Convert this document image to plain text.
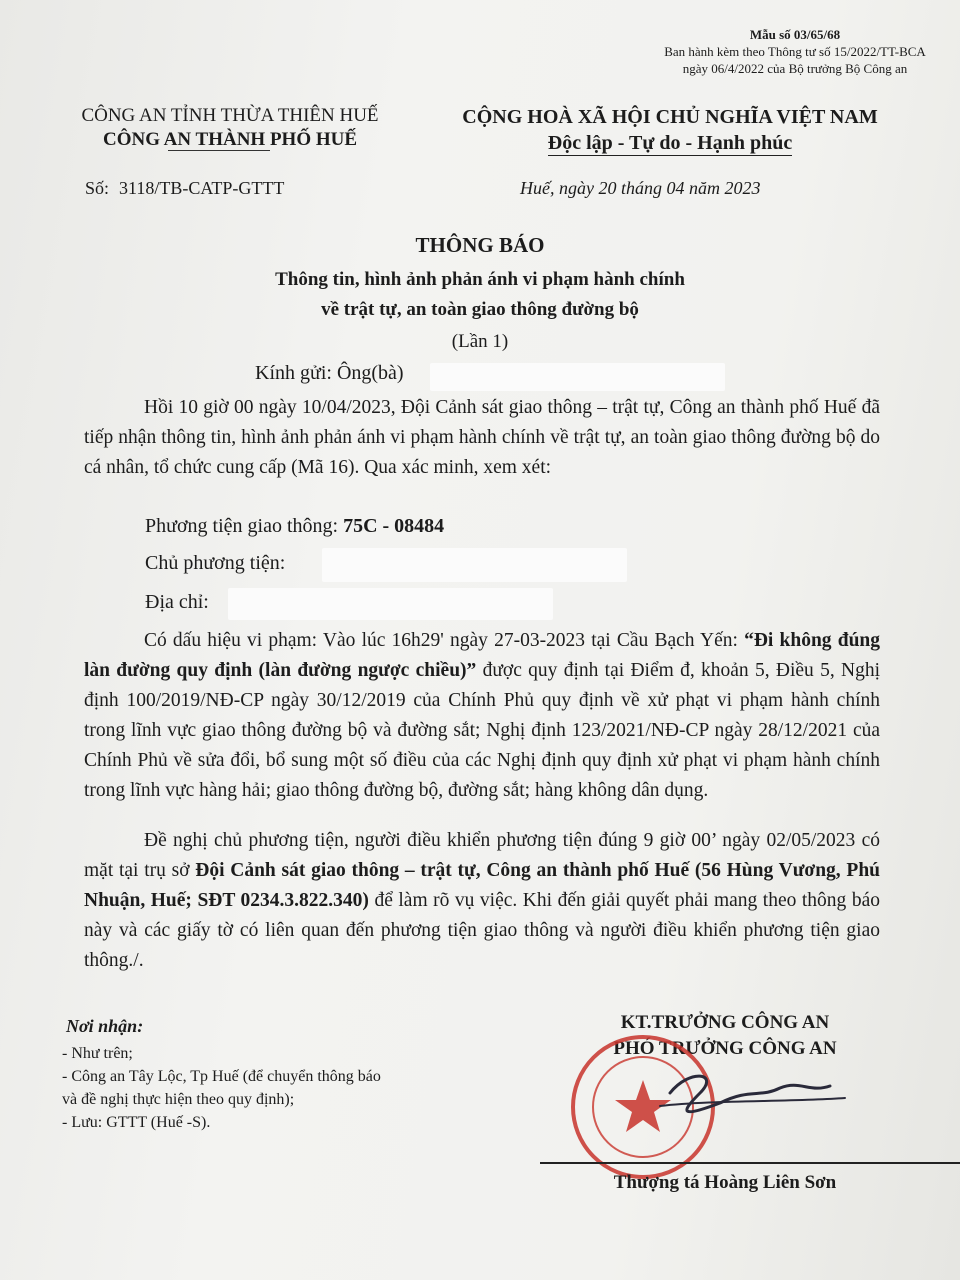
Mẫu số 03/65/68
Ban hành kèm theo Thông tư số 15/2022/TT-BCA
ngày 06/4/2022 của Bộ trưởng Bộ Công an
CÔNG AN TỈNH THỪA THIÊN HUẾ
CÔNG AN THÀNH PHỐ HUẾ
CỘNG HOÀ XÃ HỘI CHỦ NGHĨA VIỆT NAM
Độc lập - Tự do - Hạnh phúc
Số: 3118/TB-CATP-GTTT	Huế, ngày 20 tháng 04 năm 2023
THÔNG BÁO
Thông tin, hình ảnh phản ánh vi phạm hành chính
về trật tự, an toàn giao thông đường bộ
(Lần 1)
Kính gửi: Ông(bà)

Hồi 10 giờ 00 ngày 10/04/2023, Đội Cảnh sát giao thông – trật tự, Công an thành phố Huế đã tiếp nhận thông tin, hình ảnh phản ánh vi phạm hành chính về trật tự, an toàn giao thông đường bộ do cá nhân, tổ chức cung cấp (Mã 16). Qua xác minh, xem xét:

Phương tiện giao thông: 75C - 08484
Chủ phương tiện:
Địa chỉ:

Có dấu hiệu vi phạm: Vào lúc 16h29' ngày 27-03-2023 tại Cầu Bạch Yến: “Đi không đúng làn đường quy định (làn đường ngược chiều)” được quy định tại Điểm đ, khoản 5, Điều 5, Nghị định 100/2019/NĐ-CP ngày 30/12/2019 của Chính Phủ quy định về xử phạt vi phạm hành chính trong lĩnh vực giao thông đường bộ và đường sắt; Nghị định 123/2021/NĐ-CP ngày 28/12/2021 của Chính Phủ về sửa đổi, bổ sung một số điều của các Nghị định quy định xử phạt vi phạm hành chính trong lĩnh vực hàng hải; giao thông đường bộ, đường sắt; hàng không dân dụng.

Đề nghị chủ phương tiện, người điều khiển phương tiện đúng 9 giờ 00’ ngày 02/05/2023 có mặt tại trụ sở Đội Cảnh sát giao thông – trật tự, Công an thành phố Huế (56 Hùng Vương, Phú Nhuận, Huế; SĐT 0234.3.822.340) để làm rõ vụ việc. Khi đến giải quyết phải mang theo thông báo này và các giấy tờ có liên quan đến phương tiện giao thông và người điều khiển phương tiện giao thông./.

Nơi nhận:
- Như trên;
- Công an Tây Lộc, Tp Huế (để chuyển thông báo
và đề nghị thực hiện theo quy định);
- Lưu: GTTT (Huế -S).
KT.TRƯỞNG CÔNG AN
PHÓ TRƯỞNG CÔNG AN
Thượng tá Hoàng Liên Sơn
